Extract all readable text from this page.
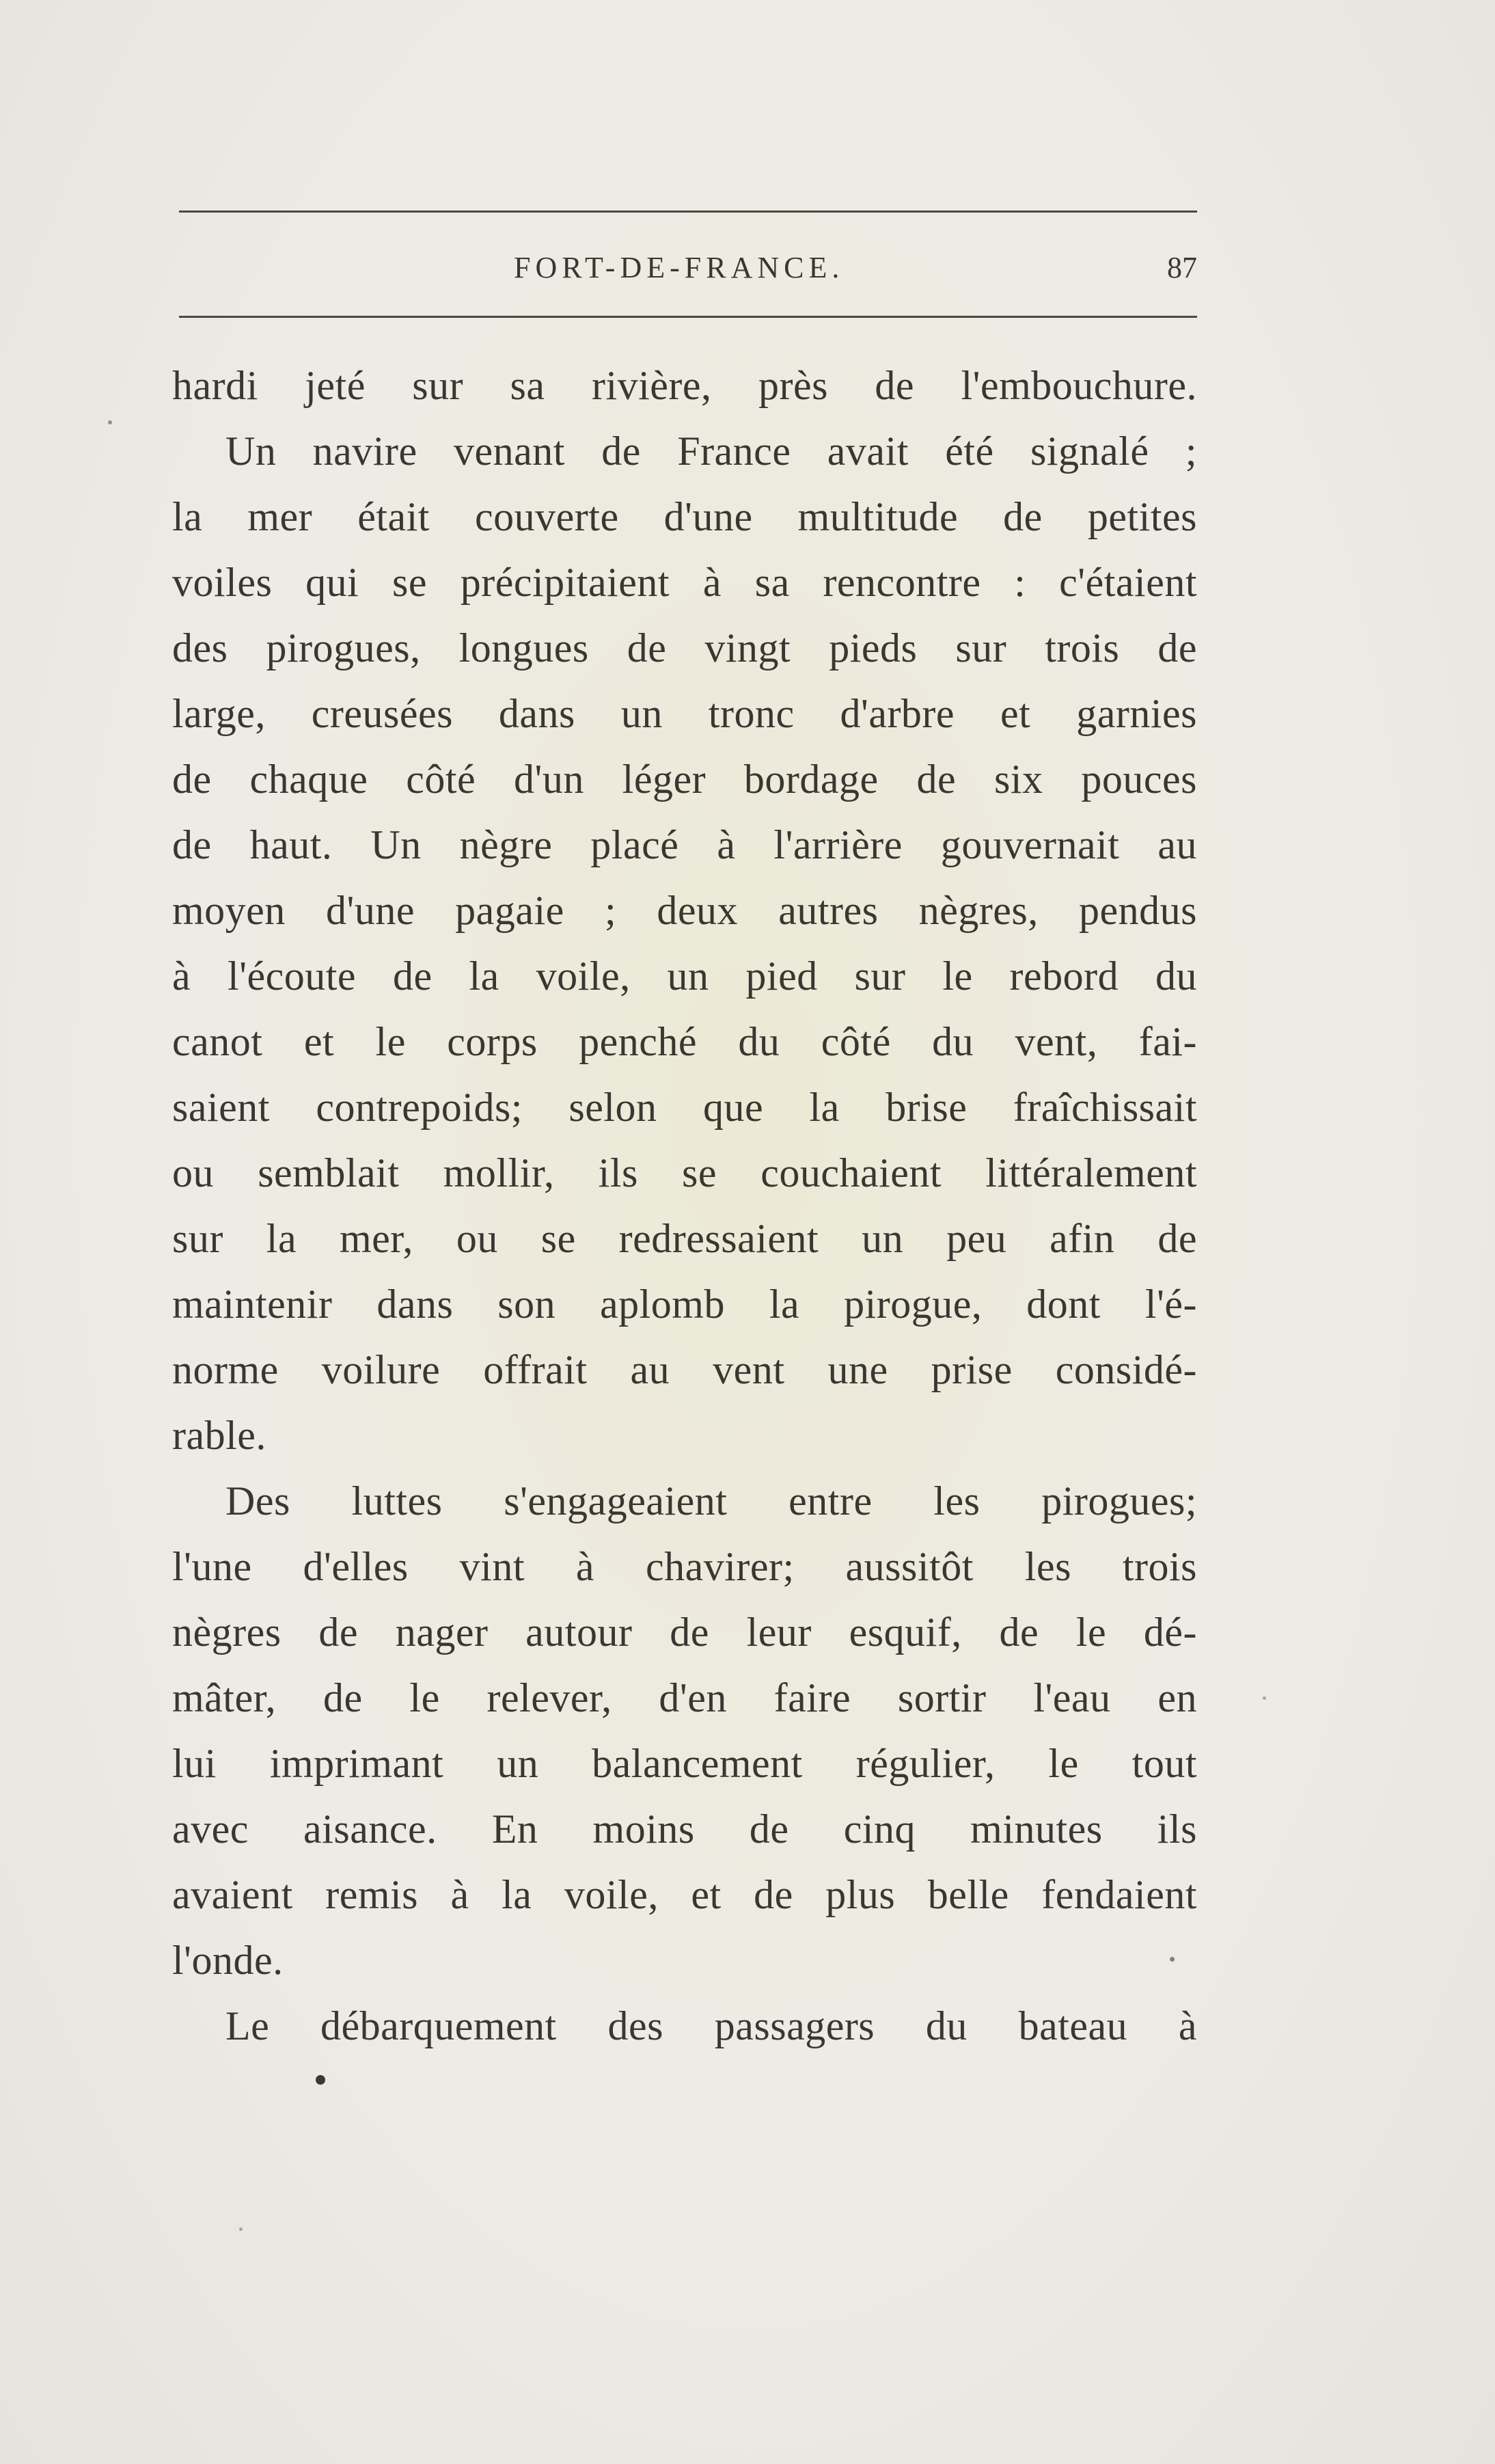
FORT-DE-FRANCE.	87
hardi jeté sur sa rivière, près de l'embouchure.
Un navire venant de France avait été signalé ;
la mer était couverte d'une multitude de petites
voiles qui se précipitaient à sa rencontre : c'étaient
des pirogues, longues de vingt pieds sur trois de
large, creusées dans un tronc d'arbre et garnies
de chaque côté d'un léger bordage de six pouces
de haut. Un nègre placé à l'arrière gouvernait au
moyen d'une pagaie ; deux autres nègres, pendus
à l'écoute de la voile, un pied sur le rebord du
canot et le corps penché du côté du vent, fai-
saient contrepoids; selon que la brise fraîchissait
ou semblait mollir, ils se couchaient littéralement
sur la mer, ou se redressaient un peu afin de
maintenir dans son aplomb la pirogue, dont l'é-
norme voilure offrait au vent une prise considé-
rable.
Des luttes s'engageaient entre les pirogues;
l'une d'elles vint à chavirer; aussitôt les trois
nègres de nager autour de leur esquif, de le dé-
mâter, de le relever, d'en faire sortir l'eau en
lui imprimant un balancement régulier, le tout
avec aisance. En moins de cinq minutes ils
avaient remis à la voile, et de plus belle fendaient
l'onde.
Le débarquement des passagers du bateau à
